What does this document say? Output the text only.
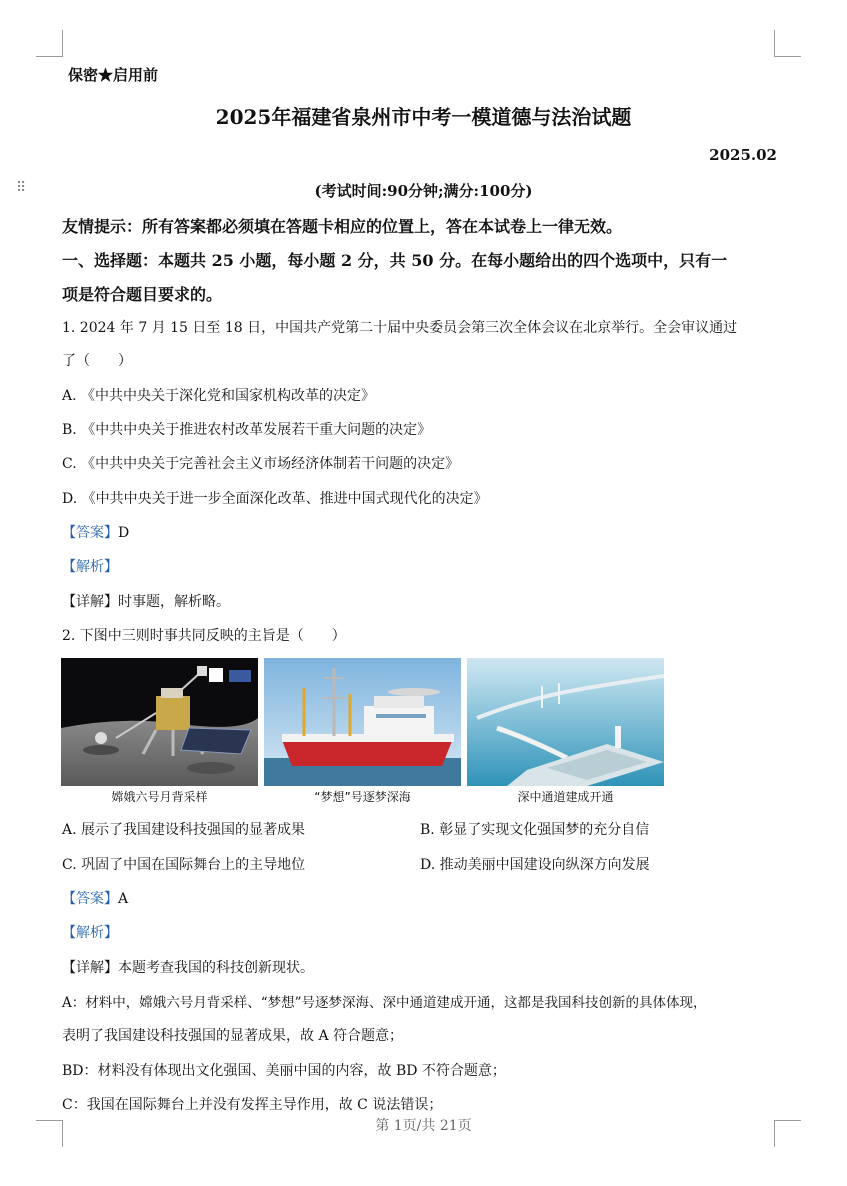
⠿
保密★启用前
2025年福建省泉州市中考一模道德与法治试题
2025.02
(考试时间:90分钟;满分:100分)
友情提示：所有答案都必须填在答题卡相应的位置上，答在本试卷上一律无效。
一、选择题：本题共 25 小题，每小题 2 分，共 50 分。在每小题给出的四个选项中，只有一
项是符合题目要求的。
1. 2024 年 7 月 15 日至 18 日，中国共产党第二十届中央委员会第三次全体会议在北京举行。全会审议通过
了（　　）
A. 《中共中央关于深化党和国家机构改革的决定》
B. 《中共中央关于推进农村改革发展若干重大问题的决定》
C. 《中共中央关于完善社会主义市场经济体制若干问题的决定》
D. 《中共中央关于进一步全面深化改革、推进中国式现代化的决定》
【答案】D
【解析】
【详解】时事题，解析略。
2. 下图中三则时事共同反映的主旨是（　　）
嫦娥六号月背采样	“梦想”号逐梦深海	深中通道建成开通
A. 展示了我国建设科技强国的显著成果	B. 彰显了实现文化强国梦的充分自信
C. 巩固了中国在国际舞台上的主导地位	D. 推动美丽中国建设向纵深方向发展
【答案】A
【解析】
【详解】本题考查我国的科技创新现状。
A：材料中，嫦娥六号月背采样、“梦想”号逐梦深海、深中通道建成开通，这都是我国科技创新的具体体现，
表明了我国建设科技强国的显著成果，故 A 符合题意；
BD：材料没有体现出文化强国、美丽中国的内容，故 BD 不符合题意；
C：我国在国际舞台上并没有发挥主导作用，故 C 说法错误；
第 1页/共 21页
